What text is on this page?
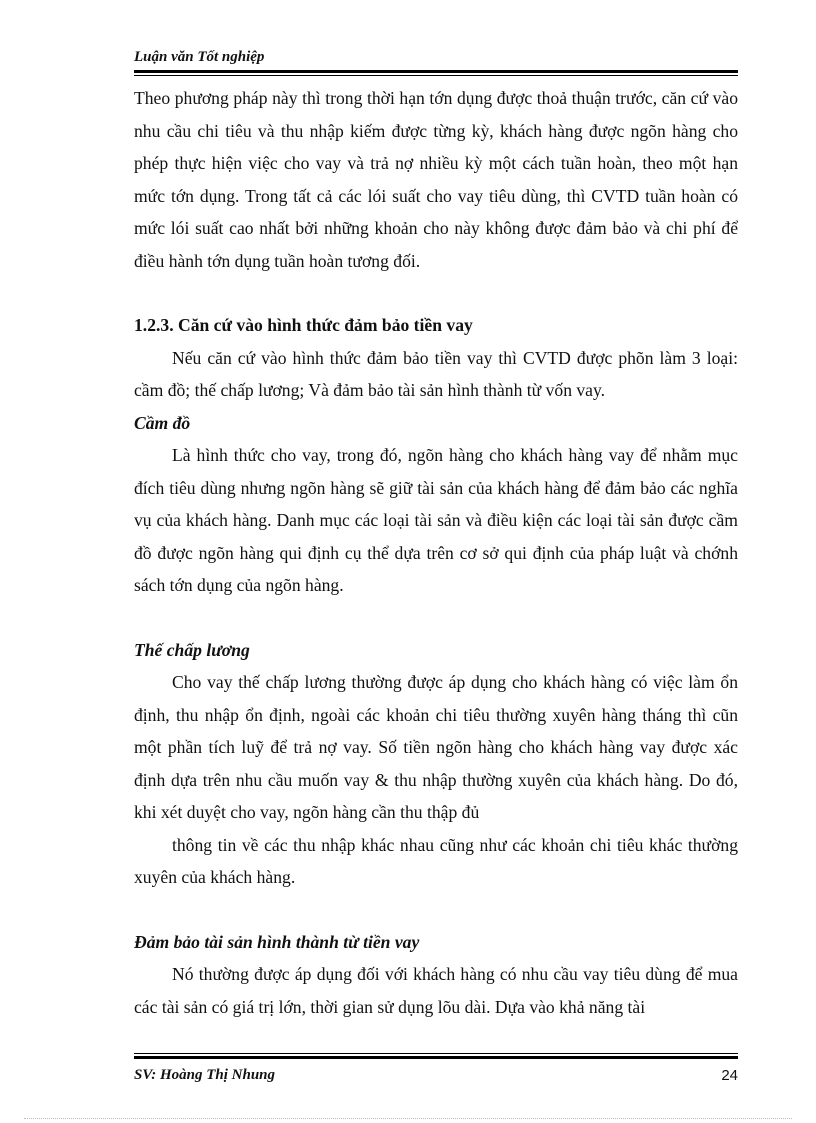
Luận văn Tốt nghiệp

Theo phương pháp này thì trong thời hạn tớn dụng được thoả thuận trước, căn cứ vào nhu cầu chi tiêu và thu nhập kiếm được từng kỳ, khách hàng được ngõn hàng cho phép thực hiện việc cho vay và trả nợ nhiều kỳ một cách tuần hoàn, theo một hạn mức tớn dụng. Trong tất cả các lói suất cho vay tiêu dùng, thì CVTD tuần hoàn có mức lói suất cao nhất bởi những khoản cho này không được đảm bảo và chi phí để điều hành tớn dụng tuần hoàn tương đối.

1.2.3. Căn cứ vào hình thức đảm bảo tiền vay

Nếu căn cứ vào hình thức đảm bảo tiền vay thì CVTD được phõn làm 3 loại: cầm đồ; thế chấp lương; Và đảm bảo tài sản hình thành từ vốn vay.

Cầm đồ

Là hình thức cho vay, trong đó, ngõn hàng cho khách hàng vay để nhằm mục đích tiêu dùng nhưng ngõn hàng sẽ giữ tài sản của khách hàng để đảm bảo các nghĩa vụ của khách hàng. Danh mục các loại tài sản và điều kiện các loại tài sản được cầm đồ được ngõn hàng qui định cụ thể dựa trên cơ sở qui định của pháp luật và chớnh sách tớn dụng của ngõn hàng.

Thế chấp lương

Cho vay thế chấp lương thường được áp dụng cho khách hàng có việc làm ổn định, thu nhập ổn định, ngoài các khoản chi tiêu thường xuyên hàng tháng thì cũn một phần tích luỹ để trả nợ vay. Số tiền ngõn hàng cho khách hàng vay được xác định dựa trên nhu cầu muốn vay & thu nhập thường xuyên của khách hàng. Do đó, khi xét duyệt cho vay, ngõn hàng cần thu thập đủ

thông tin về các thu nhập khác nhau cũng như các khoản chi tiêu khác thường xuyên của khách hàng.

Đảm bảo tài sản hình thành từ tiền vay

Nó thường được áp dụng đối với khách hàng có nhu cầu vay tiêu dùng để mua các tài sản có giá trị lớn, thời gian sử dụng lõu dài. Dựa vào khả năng tài

SV: Hoàng Thị Nhung	24
